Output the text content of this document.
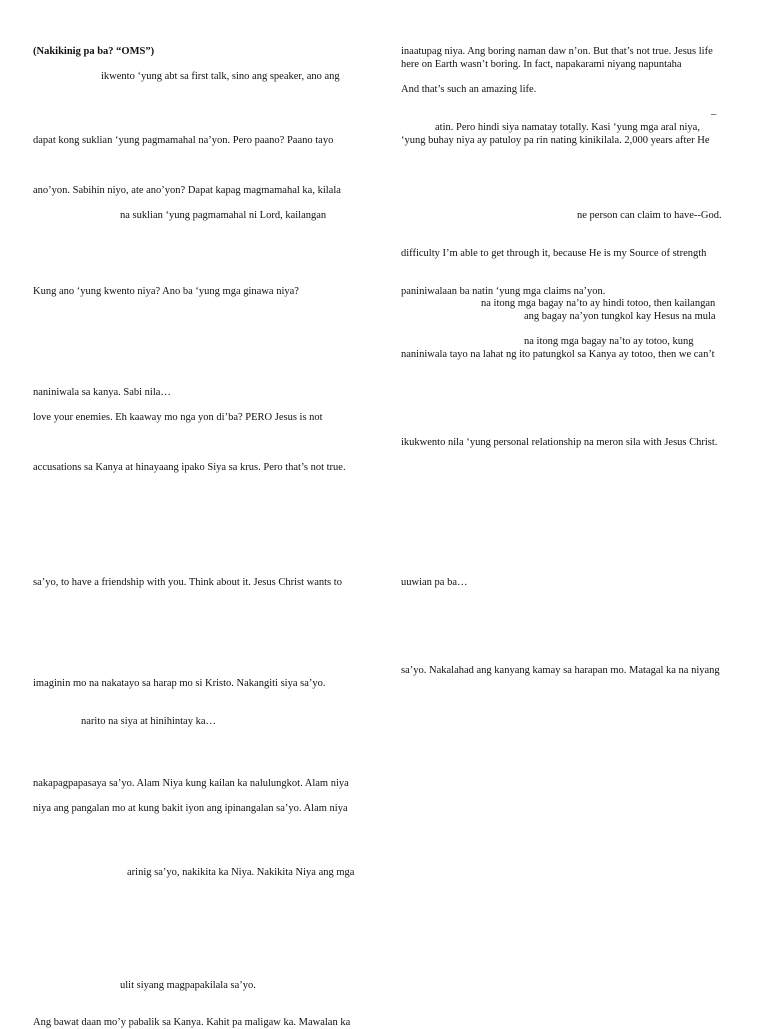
(Nakikinig pa ba? “OMS”)

ikwento ‘yung abt sa first talk, sino ang speaker, ano ang

dapat kong suklian ‘yung pagmamahal na’yon. Pero paano? Paano tayo

ano’yon. Sabihin niyo, ate ano’yon? Dapat kapag magmamahal ka, kilala

na suklian ‘yung pagmamahal ni Lord, kailangan

Kung ano ‘yung kwento niya? Ano ba ‘yung mga ginawa niya?

naniniwala sa kanya. Sabi nila…

love your enemies. Eh kaaway mo nga yon di’ba? PERO Jesus is not

accusations sa Kanya at hinayaang ipako Siya sa krus. Pero that’s not true.

sa’yo, to have a friendship with you. Think about it. Jesus Christ wants to

imaginin mo na nakatayo sa harap mo si Kristo. Nakangiti siya sa’yo.

narito na siya at hinihintay ka…

nakapagpapasaya sa’yo. Alam Niya kung kailan ka nalulungkot. Alam niya

niya ang pangalan mo at kung bakit iyon ang ipinangalan sa’yo. Alam niya

arinig sa’yo, nakikita ka Niya. Nakikita Niya ang mga

ulit siyang magpapakilala sa’yo.

Ang bawat daan mo’y pabalik sa Kanya. Kahit pa maligaw ka. Mawalan ka

inaatupag niya. Ang boring naman daw n’on. But that’s not true. Jesus life

here on Earth wasn’t boring. In fact, napakarami niyang napuntaha

And that’s such an amazing life.

–

atin. Pero hindi siya namatay totally. Kasi ‘yung mga aral niya,

‘yung buhay niya ay patuloy pa rin nating kinikilala. 2,000 years after He

ne person can claim to have--God.

difficulty I’m able to get through it, because He is my Source of strength

paniniwalaan ba natin ‘yung mga claims na’yon.

na itong mga bagay na’to ay hindi totoo, then kailangan

ang bagay na’yon tungkol kay Hesus na mula

na itong mga bagay na’to ay totoo, kung

naniniwala tayo na lahat ng ito patungkol sa Kanya ay totoo, then we can’t

ikukwento nila ‘yung personal relationship na meron sila with Jesus Christ.

uuwian pa ba…

sa’yo. Nakalahad ang kanyang kamay sa harapan mo. Matagal ka na niyang
